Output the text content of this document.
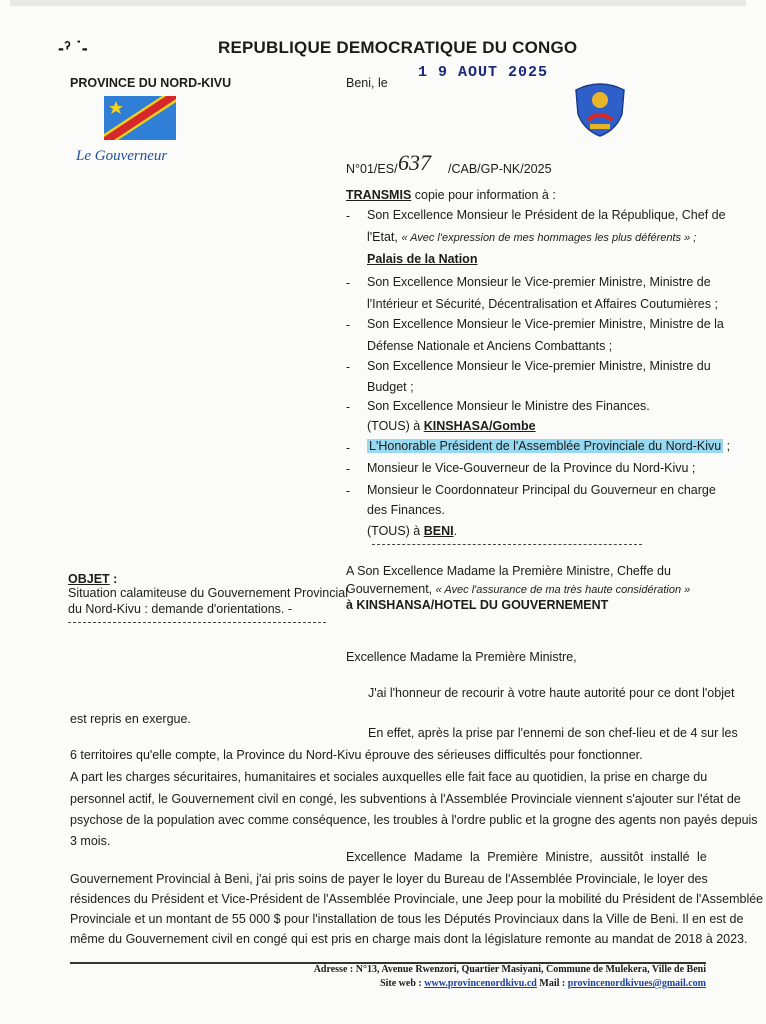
-ˀ ˙-	REPUBLIQUE DEMOCRATIQUE DU CONGO
PROVINCE DU NORD-KIVU
Le Gouverneur
Beni, le
1 9 AOUT 2025
N°01/ES/ 637 /CAB/GP-NK/2025
TRANSMIS copie pour information à :
- Son Excellence Monsieur le Président de la République, Chef de
l'Etat, « Avec l'expression de mes hommages les plus déférents » ;
Palais de la Nation
- Son Excellence Monsieur le Vice-premier Ministre, Ministre de
l'Intérieur et Sécurité, Décentralisation et Affaires Coutumières ;
- Son Excellence Monsieur le Vice-premier Ministre, Ministre de la
Défense Nationale et Anciens Combattants ;
- Son Excellence Monsieur le Vice-premier Ministre, Ministre du
Budget ;
- Son Excellence Monsieur le Ministre des Finances.
(TOUS) à KINSHASA/Gombe
- L'Honorable Président de l'Assemblée Provinciale du Nord-Kivu ;
- Monsieur le Vice-Gouverneur de la Province du Nord-Kivu ;
- Monsieur le Coordonnateur Principal du Gouverneur en charge
des Finances.
(TOUS) à BENI.
OBJET :
Situation calamiteuse du Gouvernement Provincial
du Nord-Kivu : demande d'orientations. -
A Son Excellence Madame la Première Ministre, Cheffe du
Gouvernement, « Avec l'assurance de ma très haute considération »
à KINSHANSA/HOTEL DU GOUVERNEMENT
Excellence Madame la Première Ministre,
J'ai l'honneur de recourir à votre haute autorité pour ce dont l'objet
est repris en exergue.
En effet, après la prise par l'ennemi de son chef-lieu et de 4 sur les
6 territoires qu'elle compte, la Province du Nord-Kivu éprouve des sérieuses difficultés pour fonctionner.
A part les charges sécuritaires, humanitaires et sociales auxquelles elle fait face au quotidien, la prise en charge du
personnel actif, le Gouvernement civil en congé, les subventions à l'Assemblée Provinciale viennent s'ajouter sur l'état de
psychose de la population avec comme conséquence, les troubles à l'ordre public et la grogne des agents non payés depuis
3 mois.
Excellence Madame la Première Ministre, aussitôt installé le
Gouvernement Provincial à Beni, j'ai pris soins de payer le loyer du Bureau de l'Assemblée Provinciale, le loyer des
résidences du Président et Vice-Président de l'Assemblée Provinciale, une Jeep pour la mobilité du Président de l'Assemblée
Provinciale et un montant de 55 000 $ pour l'installation de tous les Députés Provinciaux dans la Ville de Beni. Il en est de
même du Gouvernement civil en congé qui est pris en charge mais dont la législature remonte au mandat de 2018 à 2023.
Adresse : N°13, Avenue Rwenzori, Quartier Masiyani, Commune de Mulekera, Ville de Beni
Site web : www.provincenordkivu.cd Mail : provincenordkivues@gmail.com
